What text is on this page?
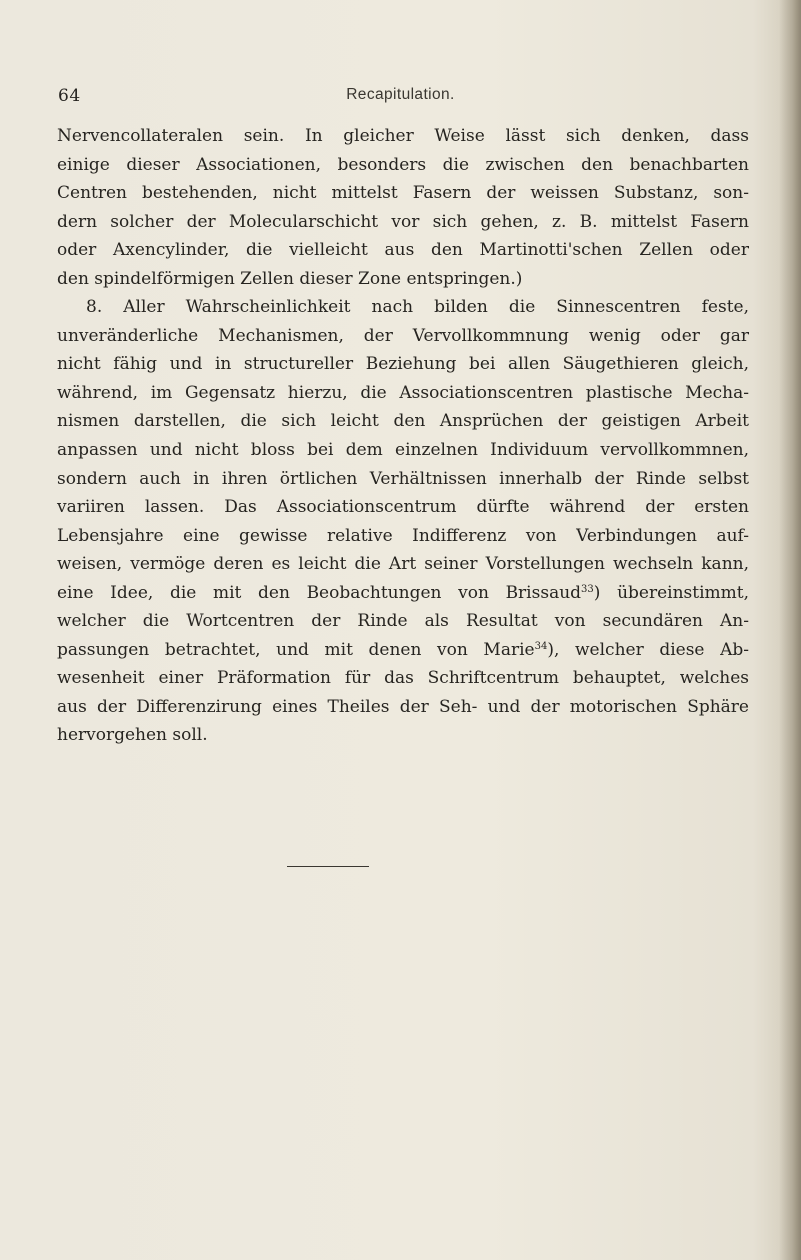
64	Recapitulation.
Nervencollateralen sein. In gleicher Weise lässt sich denken, dass
einige dieser Associationen, besonders die zwischen den benachbarten
Centren bestehenden, nicht mittelst Fasern der weissen Substanz, son-
dern solcher der Molecularschicht vor sich gehen, z. B. mittelst Fasern
oder Axencylinder, die vielleicht aus den Martinotti'schen Zellen oder
den spindelförmigen Zellen dieser Zone entspringen.)
8. Aller Wahrscheinlichkeit nach bilden die Sinnescentren feste,
unveränderliche Mechanismen, der Vervollkommnung wenig oder gar
nicht fähig und in structureller Beziehung bei allen Säugethieren gleich,
während, im Gegensatz hierzu, die Associationscentren plastische Mecha-
nismen darstellen, die sich leicht den Ansprüchen der geistigen Arbeit
anpassen und nicht bloss bei dem einzelnen Individuum vervollkommnen,
sondern auch in ihren örtlichen Verhältnissen innerhalb der Rinde selbst
variiren lassen. Das Associationscentrum dürfte während der ersten
Lebensjahre eine gewisse relative Indifferenz von Verbindungen auf-
weisen, vermöge deren es leicht die Art seiner Vorstellungen wechseln kann,
eine Idee, die mit den Beobachtungen von Brissaud$^{33}$) übereinstimmt,
welcher die Wortcentren der Rinde als Resultat von secundären An-
passungen betrachtet, und mit denen von Marie$^{34}$), welcher diese Ab-
wesenheit einer Präformation für das Schriftcentrum behauptet, welches
aus der Differenzirung eines Theiles der Seh- und der motorischen Sphäre
hervorgehen soll.
